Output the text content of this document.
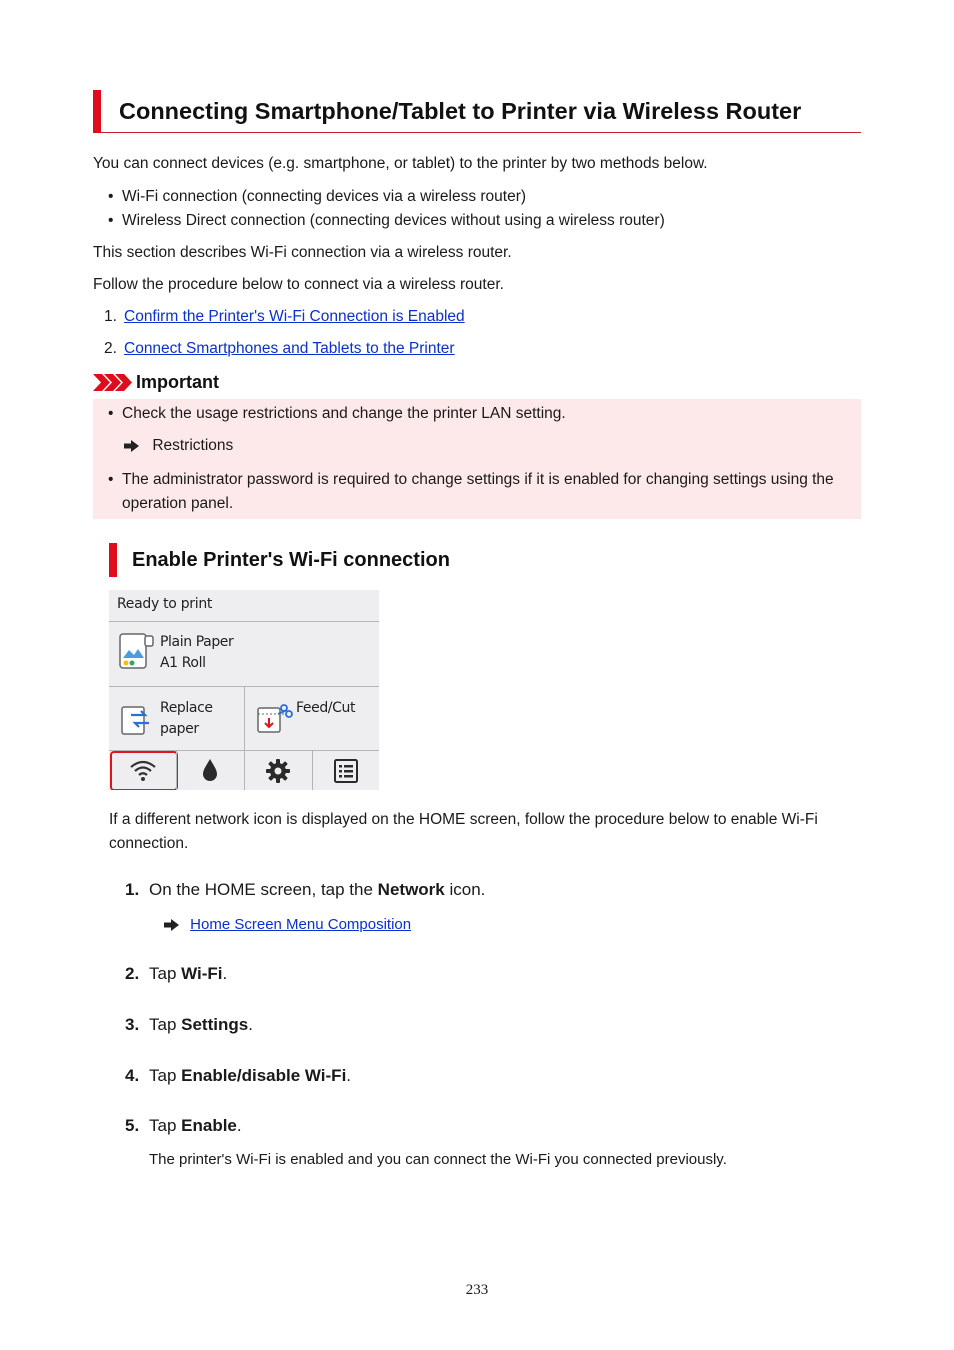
Connecting Smartphone/Tablet to Printer via Wireless Router
You can connect devices (e.g. smartphone, or tablet) to the printer by two methods below.
• Wi-Fi connection (connecting devices via a wireless router)
• Wireless Direct connection (connecting devices without using a wireless router)
This section describes Wi-Fi connection via a wireless router.
Follow the procedure below to connect via a wireless router.
1. Confirm the Printer's Wi-Fi Connection is Enabled
2. Connect Smartphones and Tablets to the Printer
Important
• Check the usage restrictions and change the printer LAN setting.
Restrictions
• The administrator password is required to change settings if it is enabled for changing settings using the
operation panel.
Enable Printer's Wi-Fi connection
Ready to print
Plain Paper
A1 Roll
Replace
paper
Feed/Cut
If a different network icon is displayed on the HOME screen, follow the procedure below to enable Wi-Fi
connection.
1. On the HOME screen, tap the Network icon.
Home Screen Menu Composition
2. Tap Wi-Fi.
3. Tap Settings.
4. Tap Enable/disable Wi-Fi.
5. Tap Enable.
The printer's Wi-Fi is enabled and you can connect the Wi-Fi you connected previously.
233
